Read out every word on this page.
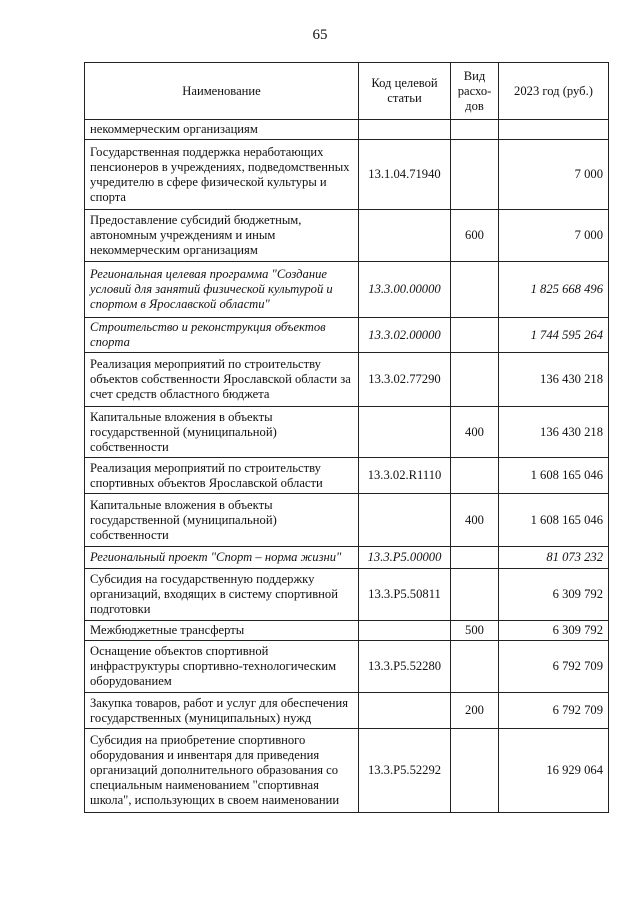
65
Наименование	Код целевой статьи	Вид расхо-дов	2023 год (руб.)
некоммерческим организациям			
Государственная поддержка неработающих пенсионеров в учреждениях, подведомственных учредителю в сфере физической культуры и спорта	13.1.04.71940		7 000
Предоставление субсидий бюджетным, автономным учреждениям и иным некоммерческим организациям		600	7 000
Региональная целевая программа "Создание условий для занятий физической культурой и спортом в Ярославской области"	13.3.00.00000		1 825 668 496
Строительство и реконструкция объектов спорта	13.3.02.00000		1 744 595 264
Реализация мероприятий по строительству объектов собственности Ярославской области за счет средств областного бюджета	13.3.02.77290		136 430 218
Капитальные вложения в объекты государственной (муниципальной) собственности		400	136 430 218
Реализация мероприятий по строительству спортивных объектов Ярославской области	13.3.02.R1110		1 608 165 046
Капитальные вложения в объекты государственной (муниципальной) собственности		400	1 608 165 046
Региональный проект "Спорт – норма жизни"	13.3.P5.00000		81 073 232
Субсидия на государственную поддержку организаций, входящих в систему спортивной подготовки	13.3.P5.50811		6 309 792
Межбюджетные трансферты		500	6 309 792
Оснащение объектов спортивной инфраструктуры спортивно-технологическим оборудованием	13.3.P5.52280		6 792 709
Закупка товаров, работ и услуг для обеспечения государственных (муниципальных) нужд		200	6 792 709
Субсидия на приобретение спортивного оборудования и инвентаря для приведения организаций дополнительного образования со специальным наименованием "спортивная школа", использующих в своем наименовании	13.3.P5.52292		16 929 064
